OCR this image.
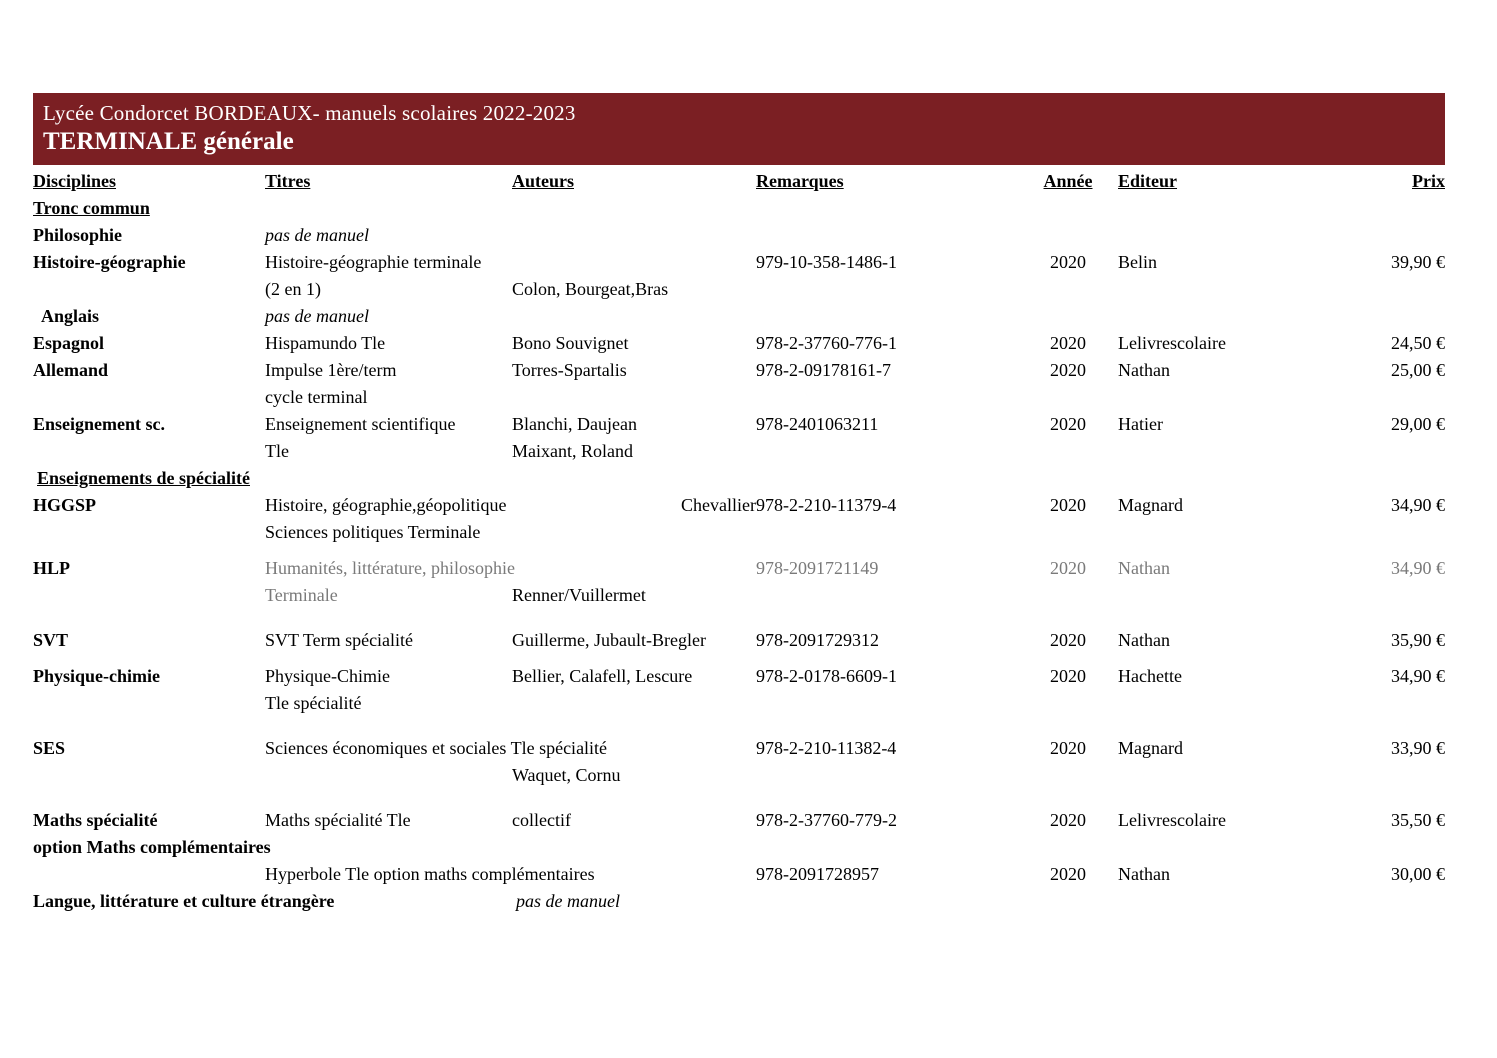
Lycée Condorcet BORDEAUX- manuels scolaires 2022-2023
TERMINALE générale
Disciplines	Titres	Auteurs	Remarques	Année	Editeur	Prix
Tronc commun						
Philosophie	pas de manuel					
Histoire-géographie	Histoire-géographie terminale		979-10-358-1486-1	2020	Belin	39,90 €
	(2 en 1)	Colon, Bourgeat,Bras				
Anglais	pas de manuel					
Espagnol	Hispamundo Tle	Bono Souvignet	978-2-37760-776-1	2020	Lelivrescolaire	24,50 €
Allemand	Impulse 1ère/term	Torres-Spartalis	978-2-09178161-7	2020	Nathan	25,00 €
	cycle terminal					
Enseignement sc.	Enseignement scientifique	Blanchi, Daujean	978-2401063211	2020	Hatier	29,00 €
	Tle	Maixant, Roland				
Enseignements de spécialité						
HGGSP	Histoire, géographie,géopolitique	Chevallier	978-2-210-11379-4	2020	Magnard	34,90 €
	Sciences politiques Terminale					

HLP	Humanités, littérature, philosophie		978-2091721149	2020	Nathan	34,90 €
	Terminale	Renner/Vuillermet				

SVT	SVT Term spécialité	Guillerme, Jubault-Bregler	978-2091729312	2020	Nathan	35,90 €

Physique-chimie	Physique-Chimie	Bellier, Calafell, Lescure	978-2-0178-6609-1	2020	Hachette	34,90 €
	Tle spécialité					

SES	Sciences économiques et sociales Tle spécialité		978-2-210-11382-4	2020	Magnard	33,90 €
		Waquet, Cornu				

Maths spécialité	Maths spécialité Tle	collectif	978-2-37760-779-2	2020	Lelivrescolaire	35,50 €
option Maths complémentaires						
	Hyperbole Tle option maths complémentaires		978-2091728957	2020	Nathan	30,00 €
Langue, littérature et culture étrangère		pas de manuel				
